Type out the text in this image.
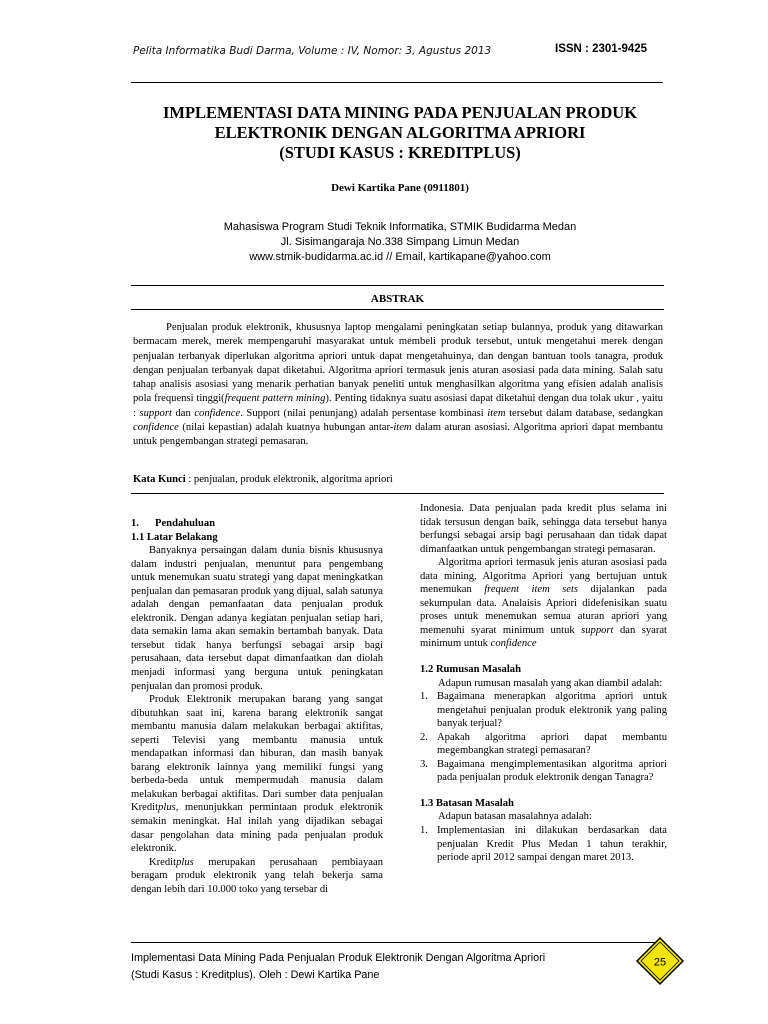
Pelita Informatika Budi Darma, Volume : IV, Nomor: 3, Agustus 2013	ISSN : 2301-9425
IMPLEMENTASI DATA MINING PADA PENJUALAN PRODUK
ELEKTRONIK DENGAN ALGORITMA APRIORI
(STUDI KASUS : KREDITPLUS)
Dewi Kartika Pane (0911801)
Mahasiswa Program Studi Teknik Informatika, STMIK Budidarma Medan
Jl. Sisimangaraja No.338 Simpang Limun Medan
www.stmik-budidarma.ac.id // Email, kartikapane@yahoo.com
ABSTRAK

Penjualan produk elektronik, khususnya laptop mengalami peningkatan setiap bulannya, produk yang ditawarkan bermacam merek, merek mempengaruhi masyarakat untuk membeli produk tersebut, untuk mengetahui merek dengan penjualan terbanyak diperlukan algoritma apriori untuk dapat mengetahuinya, dan dengan bantuan tools tanagra, produk dengan penjualan terbanyak dapat diketahui. Algoritma apriori termasuk jenis aturan asosiasi pada data mining. Salah satu tahap analisis asosiasi yang menarik perhatian banyak peneliti untuk menghasilkan algoritma yang efisien adalah analisis pola frequensi tinggi(frequent pattern mining). Penting tidaknya suatu asosiasi dapat diketahui dengan dua tolak ukur , yaitu : support dan confidence. Support (nilai penunjang) adalah persentase kombinasi item tersebut dalam database, sedangkan confidence (nilai kepastian) adalah kuatnya hubungan antar-item dalam aturan asosiasi. Algoritma apriori dapat membantu untuk pengembangan strategi pemasaran.

Kata Kunci : penjualan, produk elektronik, algoritma apriori

1. Pendahuluan

1.1 Latar Belakang

Banyaknya persaingan dalam dunia bisnis khususnya dalam industri penjualan, menuntut para pengembang untuk menemukan suatu strategi yang dapat meningkatkan penjualan dan pemasaran produk yang dijual, salah satunya adalah dengan pemanfaatan data penjualan produk elektronik. Dengan adanya kegiatan penjualan setiap hari, data semakin lama akan semakin bertambah banyak. Data tersebut tidak hanya berfungsi sebagai arsip bagi perusahaan, data tersebut dapat dimanfaatkan dan diolah menjadi informasi yang berguna untuk peningkatan penjualan dan promosi produk.

Produk Elektronik merupakan barang yang sangat dibutuhkan saat ini, karena barang elektronik sangat membantu manusia dalam melakukan berbagai aktifitas, seperti Televisi yang membantu manusia untuk mendapatkan informasi dan hiburan, dan masih banyak barang elektronik lainnya yang memiliki fungsi yang berbeda-beda untuk mempermudah manusia dalam melakukan berbagai aktifitas. Dari sumber data penjualan Kreditplus, menunjukkan permintaan produk elektronik semakin meningkat. Hal inilah yang dijadikan sebagai dasar pengolahan data mining pada penjualan produk elektronik.

Kreditplus merupakan perusahaan pembiayaan beragam produk elektronik yang telah bekerja sama dengan lebih dari 10.000 toko yang tersebar di

Indonesia. Data penjualan pada kredit plus selama ini tidak tersusun dengan baik, sehingga data tersebut hanya berfungsi sebagai arsip bagi perusahaan dan tidak dapat dimanfaatkan untuk pengembangan strategi pemasaran.

Algoritma apriori termasuk jenis aturan asosiasi pada data mining, Algoritma Apriori yang bertujuan untuk menemukan frequent item sets dijalankan pada sekumpulan data. Analaisis Apriori didefenisikan suatu proses untuk menemukan semua aturan apriori yang memenuhi syarat minimum untuk support dan syarat minimum untuk confidence

1.2 Rumusan Masalah

Adapun rumusan masalah yang akan diambil adalah:

1. Bagaimana menerapkan algoritma apriori untuk mengetahui penjualan produk elektronik yang paling banyak terjual?
2. Apakah algoritma apriori dapat membantu megembangkan strategi pemasaran?
3. Bagaimana mengimplementasikan algoritma apriori pada penjualan produk elektronik dengan Tanagra?

1.3 Batasan Masalah

Adapun batasan masalahnya adalah:

1. Implementasian ini dilakukan berdasarkan data penjualan Kredit Plus Medan 1 tahun terakhir, periode april 2012 sampai dengan maret 2013.
Implementasi Data Mining Pada Penjualan Produk Elektronik Dengan Algoritma Apriori
(Studi Kasus : Kreditplus). Oleh : Dewi Kartika Pane
25
